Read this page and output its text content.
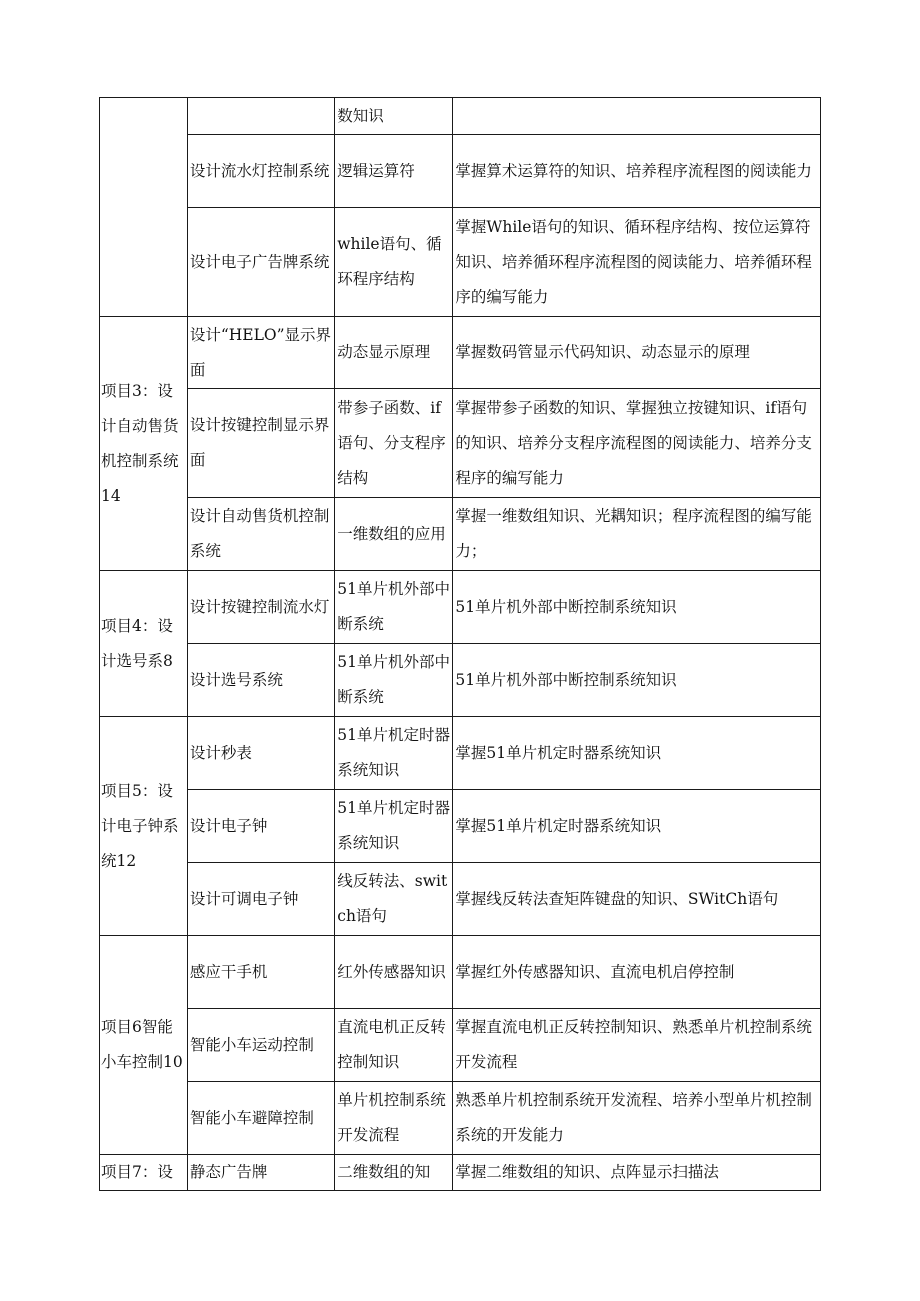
		数知识	
	设计流水灯控制系统	逻辑运算符	掌握算术运算符的知识、培养程序流程图的阅读能力
	设计电子广告牌系统	while语句、循环程序结构	掌握While语句的知识、循环程序结构、按位运算符知识、培养循环程序流程图的阅读能力、培养循环程序的编写能力
项目3：设计自动售货机控制系统14	设计“HELO”显示界面	动态显示原理	掌握数码管显示代码知识、动态显示的原理
	设计按键控制显示界面	带参子函数、if语句、分支程序结构	掌握带参子函数的知识、掌握独立按键知识、if语句的知识、培养分支程序流程图的阅读能力、培养分支程序的编写能力
	设计自动售货机控制系统	一维数组的应用	掌握一维数组知识、光耦知识；程序流程图的编写能力；
项目4：设计选号系8	设计按键控制流水灯	51单片机外部中断系统	51单片机外部中断控制系统知识
	设计选号系统	51单片机外部中断系统	51单片机外部中断控制系统知识
项目5：设计电子钟系统12	设计秒表	51单片机定时器系统知识	掌握51单片机定时器系统知识
	设计电子钟	51单片机定时器系统知识	掌握51单片机定时器系统知识
	设计可调电子钟	线反转法、switch语句	掌握线反转法查矩阵键盘的知识、SWitCh语句
项目6智能小车控制10	感应干手机	红外传感器知识	掌握红外传感器知识、直流电机启停控制
	智能小车运动控制	直流电机正反转控制知识	掌握直流电机正反转控制知识、熟悉单片机控制系统开发流程
	智能小车避障控制	单片机控制系统开发流程	熟悉单片机控制系统开发流程、培养小型单片机控制系统的开发能力
项目7：设	静态广告牌	二维数组的知	掌握二维数组的知识、点阵显示扫描法
